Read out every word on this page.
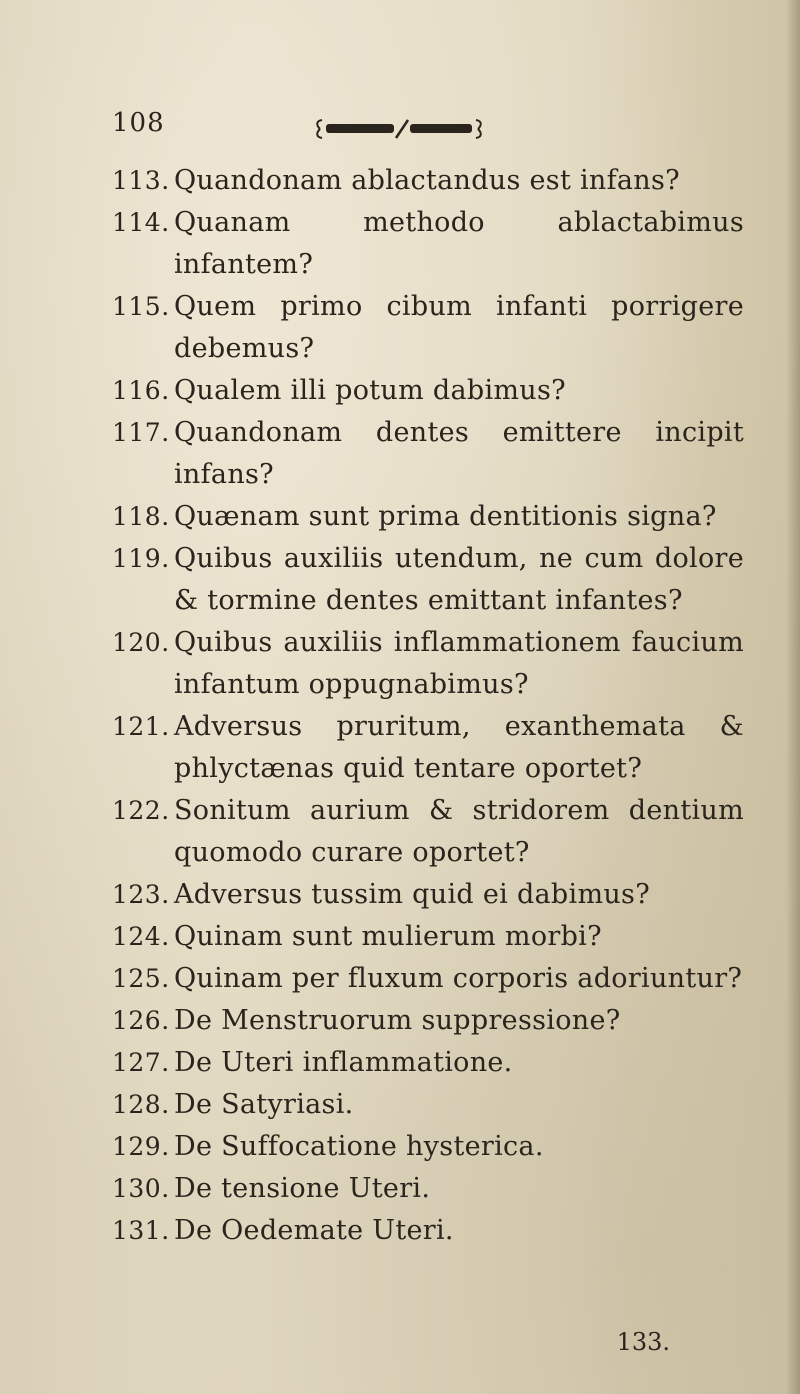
108
113. Quandonam ablactandus est infans?
114. Quanam methodo ablactabimus infantem?
115. Quem primo cibum infanti porrigere debemus?
116. Qualem illi potum dabimus?
117. Quandonam dentes emittere incipit infans?
118. Quænam sunt prima dentitionis signa?
119. Quibus auxiliis utendum, ne cum dolore & tormine dentes emittant infantes?
120. Quibus auxiliis inflammationem faucium infantum oppugnabimus?
121. Adversus pruritum, exanthemata & phlyctænas quid tentare oportet?
122. Sonitum aurium & stridorem dentium quomodo curare oportet?
123. Adversus tussim quid ei dabimus?
124. Quinam sunt mulierum morbi?
125. Quinam per fluxum corporis adoriuntur?
126. De Menstruorum suppressione?
127. De Uteri inflammatione.
128. De Satyriasi.
129. De Suffocatione hysterica.
130. De tensione Uteri.
131. De Oedemate Uteri.
133.
